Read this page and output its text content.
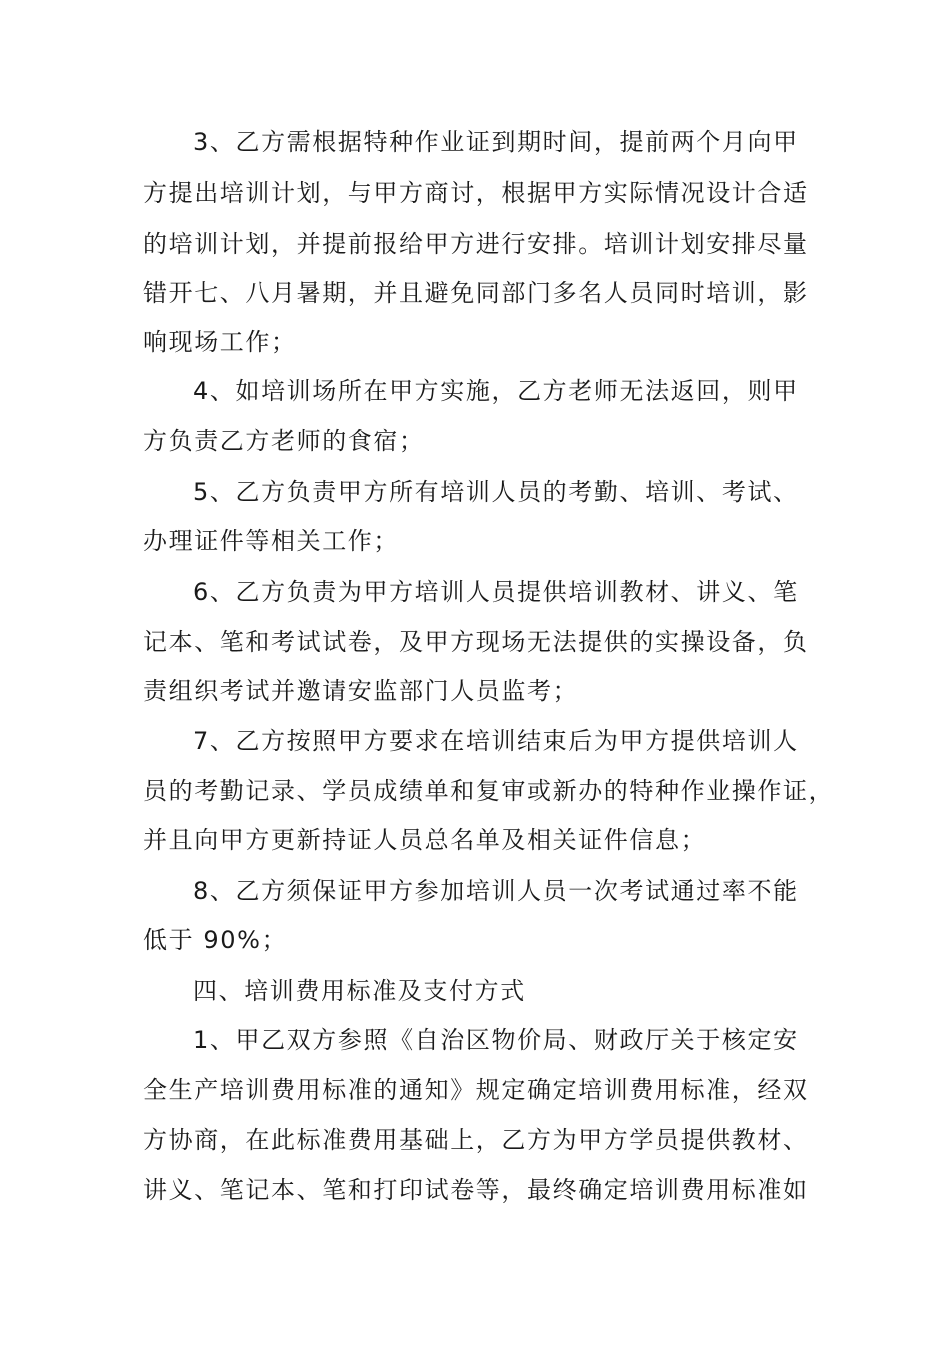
3、乙方需根据特种作业证到期时间，提前两个月向甲
方提出培训计划，与甲方商讨，根据甲方实际情况设计合适
的培训计划，并提前报给甲方进行安排。培训计划安排尽量
错开七、八月暑期，并且避免同部门多名人员同时培训，影
响现场工作；
4、如培训场所在甲方实施，乙方老师无法返回，则甲
方负责乙方老师的食宿；
5、乙方负责甲方所有培训人员的考勤、培训、考试、
办理证件等相关工作；
6、乙方负责为甲方培训人员提供培训教材、讲义、笔
记本、笔和考试试卷，及甲方现场无法提供的实操设备，负
责组织考试并邀请安监部门人员监考；
7、乙方按照甲方要求在培训结束后为甲方提供培训人
员的考勤记录、学员成绩单和复审或新办的特种作业操作证，
并且向甲方更新持证人员总名单及相关证件信息；
8、乙方须保证甲方参加培训人员一次考试通过率不能
低于 90%；
四、培训费用标准及支付方式
1、甲乙双方参照《自治区物价局、财政厅关于核定安
全生产培训费用标准的通知》规定确定培训费用标准，经双
方协商，在此标准费用基础上，乙方为甲方学员提供教材、
讲义、笔记本、笔和打印试卷等，最终确定培训费用标准如
